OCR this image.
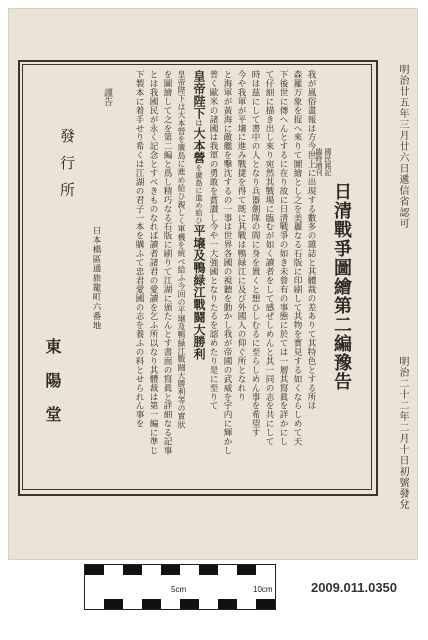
明治廿五年三月廿六日遞信省認可
明治二十二年二月十日初號發兌
國民銘記
臨時増刊
日清戰爭圖繪第二編豫告
我が風俗畫報は方今世上に出現する數多の雜誌と其體裁の差ありて其特色とする所は
森羅万象を捉へ來りて圖繪とし之を美麗なる石版に印刷して其物を實見する如くならしめて天
下後世に傳へんとするに在り故に日清戰爭の如き未曾有の事態に於ては一層其寫眞を詳かにし
て仔細に描き出し來り宛然其戰場に臨むが如く讀者をして感ぜしめんと其一同の志を共にして
時は茲にして書中の人となり兵器劍隊の間に身を置くと想ひしむるに至らしめん事を希望す
今や我軍が平壌に進み戰捷を得て既に其戰は鴨緑江に及び外國人の仰ぐ所となれり
と海軍が黃海に敵艦を擊沈するの一事は世界各國の視聽を動かし我が帝國の武威を宇内に輝かし
普く歐米の諸國は我軍の勇敢を賞讃し今や一大強國となりたるを認めたり是に至りて
皇帝陛下は大本營を廣島に進め給ひ平壌及鴨緑江戰闘大勝利
皇帝陛下は大本營を廣島に進め給ひ親しく軍機を統べ給ふ今回の平壌及鴨緑江戰闘大勝利等の實狀
を圖繪して之を第二編と爲し精巧なる石版に刷りて江湖に頒たんとす書面の寫眞と詳細なる記事
とは我國民が永く記念とすべきものなれば讀者諸君の愛讀を乞ふ所以なり其體裁は第一編に準じ
下製本に着手せり希くは江湖の君子一本を購ふて忠君愛國の志を養ふの料とせられん事を
謹告
發行所
日本橋區通旅籠町六番地
東陽堂
5cm	10cm	2009.011.0350
